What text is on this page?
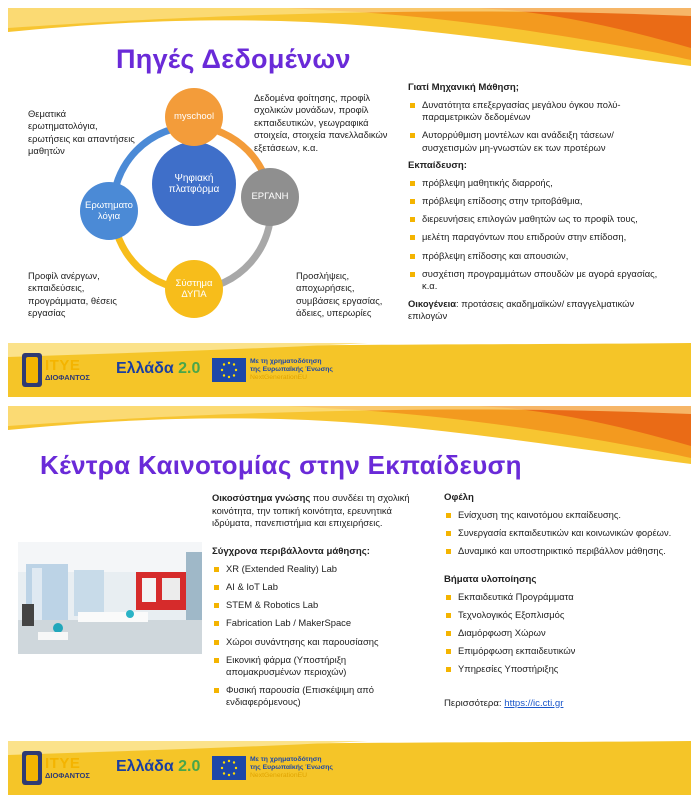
Πηγές Δεδομένων
Ψηφιακή πλατφόρμα
myschool
ΕΡΓΑΝΗ
Σύστημα ΔΥΠΑ
Ερωτηματολόγια
Θεματικά ερωτηματολόγια, ερωτήσεις και απαντήσεις μαθητών
Δεδομένα φοίτησης, προφίλ σχολικών μονάδων, προφίλ εκπαιδευτικών, γεωγραφικά στοιχεία, στοιχεία πανελλαδικών εξετάσεων, κ.α.
Προφίλ ανέργων, εκπαιδεύσεις, προγράμματα, θέσεις εργασίας
Προσλήψεις, αποχωρήσεις, συμβάσεις εργασίας, άδειες, υπερωρίες
Γιατί Μηχανική Μάθηση;
Δυνατότητα επεξεργασίας μεγάλου όγκου πολύ-παραμετρικών δεδομένων
Αυτορρύθμιση μοντέλων και ανάδειξη τάσεων/ συσχετισμών μη-γνωστών εκ των προτέρων
Εκπαίδευση:
πρόβλεψη μαθητικής διαρροής,
πρόβλεψη επίδοσης στην τριτοβάθμια,
διερευνήσεις επιλογών μαθητών ως το προφίλ τους,
μελέτη παραγόντων που επιδρούν στην επίδοση,
πρόβλεψη επίδοσης και απουσιών,
συσχέτιση προγραμμάτων σπουδών με αγορά εργασίας, κ.α.
Οικογένεια: προτάσεις ακαδημαϊκών/ επαγγελματικών επιλογών
ΙΤΥΕ
ΔΙΟΦΑΝΤΟΣ
Ελλάδα
2.0	Με τη χρηματοδότηση
της Ευρωπαϊκής Ένωσης
NextGenerationEU
Κέντρα Καινοτομίας στην Εκπαίδευση
Οικοσύστημα γνώσης που συνδέει τη σχολική κοινότητα, την τοπική κοινότητα, ερευνητικά ιδρύματα, πανεπιστήμια και επιχειρήσεις.
Σύγχρονα περιβάλλοντα μάθησης:
XR (Extended Reality) Lab
AI & IoT Lab
STEM & Robotics Lab
Fabrication Lab / MakerSpace
Χώροι συνάντησης και παρουσίασης
Εικονική φάρμα (Υποστήριξη απομακρυσμένων περιοχών)
Φυσική παρουσία (Επισκέψιμη από ενδιαφερόμενους)
Οφέλη
Ενίσχυση της καινοτόμου εκπαίδευσης.
Συνεργασία εκπαιδευτικών και κοινωνικών φορέων.
Δυναμικό και υποστηρικτικό περιβάλλον μάθησης.
Βήματα υλοποίησης
Εκπαιδευτικά Προγράμματα
Τεχνολογικός Εξοπλισμός
Διαμόρφωση Χώρων
Επιμόρφωση εκπαιδευτικών
Υπηρεσίες Υποστήριξης
Περισσότερα: https://ic.cti.gr
ΙΤΥΕ
ΔΙΟΦΑΝΤΟΣ
Ελλάδα
2.0	Με τη χρηματοδότηση
της Ευρωπαϊκής Ένωσης
NextGenerationEU
